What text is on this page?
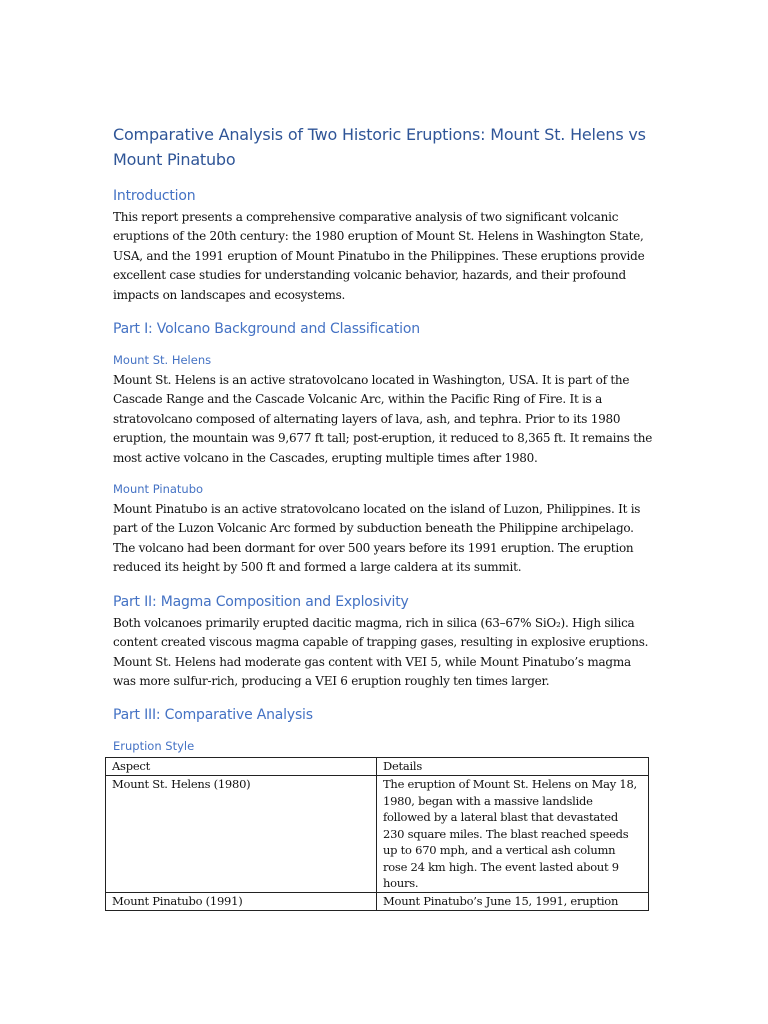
Comparative Analysis of Two Historic Eruptions: Mount St. Helens vs Mount Pinatubo
Introduction

This report presents a comprehensive comparative analysis of two significant volcanic eruptions of the 20th century: the 1980 eruption of Mount St. Helens in Washington State, USA, and the 1991 eruption of Mount Pinatubo in the Philippines. These eruptions provide excellent case studies for understanding volcanic behavior, hazards, and their profound impacts on landscapes and ecosystems.

Part I: Volcano Background and Classification
Mount St. Helens

Mount St. Helens is an active stratovolcano located in Washington, USA. It is part of the Cascade Range and the Cascade Volcanic Arc, within the Pacific Ring of Fire. It is a stratovolcano composed of alternating layers of lava, ash, and tephra. Prior to its 1980 eruption, the mountain was 9,677 ft tall; post-eruption, it reduced to 8,365 ft. It remains the most active volcano in the Cascades, erupting multiple times after 1980.

Mount Pinatubo

Mount Pinatubo is an active stratovolcano located on the island of Luzon, Philippines. It is part of the Luzon Volcanic Arc formed by subduction beneath the Philippine archipelago. The volcano had been dormant for over 500 years before its 1991 eruption. The eruption reduced its height by 500 ft and formed a large caldera at its summit.

Part II: Magma Composition and Explosivity

Both volcanoes primarily erupted dacitic magma, rich in silica (63–67% SiO₂). High silica content created viscous magma capable of trapping gases, resulting in explosive eruptions. Mount St. Helens had moderate gas content with VEI 5, while Mount Pinatubo’s magma was more sulfur-rich, producing a VEI 6 eruption roughly ten times larger.

Part III: Comparative Analysis
Eruption Style
Aspect	Details
Mount St. Helens (1980)	The eruption of Mount St. Helens on May 18, 1980, began with a massive landslide followed by a lateral blast that devastated 230 square miles. The blast reached speeds up to 670 mph, and a vertical ash column rose 24 km high. The event lasted about 9 hours.
Mount Pinatubo (1991)	Mount Pinatubo’s June 15, 1991, eruption
